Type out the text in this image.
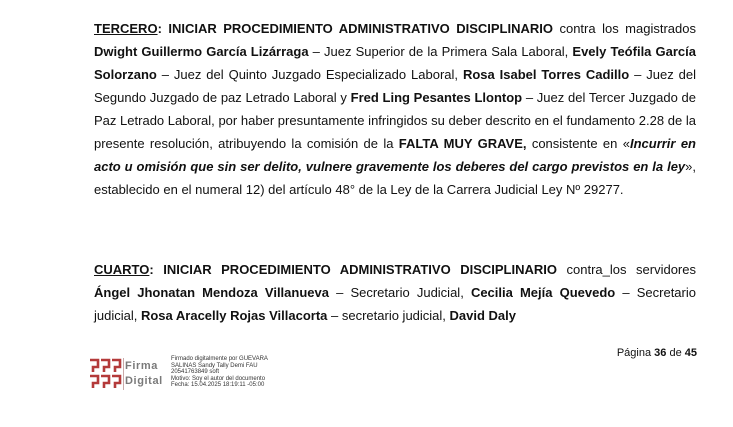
TERCERO: INICIAR PROCEDIMIENTO ADMINISTRATIVO DISCIPLINARIO contra los magistrados Dwight Guillermo García Lizárraga – Juez Superior de la Primera Sala Laboral, Evely Teófila García Solorzano – Juez del Quinto Juzgado Especializado Laboral, Rosa Isabel Torres Cadillo – Juez del Segundo Juzgado de paz Letrado Laboral y Fred Ling Pesantes Llontop – Juez del Tercer Juzgado de Paz Letrado Laboral, por haber presuntamente infringidos su deber descrito en el fundamento 2.28 de la presente resolución, atribuyendo la comisión de la FALTA MUY GRAVE, consistente en «Incurrir en acto u omisión que sin ser delito, vulnere gravemente los deberes del cargo previstos en la ley», establecido en el numeral 12) del artículo 48° de la Ley de la Carrera Judicial Ley Nº 29277.
CUARTO: INICIAR PROCEDIMIENTO ADMINISTRATIVO DISCIPLINARIO contra_los servidores Ángel Jhonatan Mendoza Villanueva – Secretario Judicial, Cecilia Mejía Quevedo – Secretario judicial, Rosa Aracelly Rojas Villacorta – secretario judicial, David Daly
Firma
Digital
Firmado digitalmente por GUEVARA
SALINAS Sandy Tally Demi FAU
20541763849 soft
Motivo: Soy el autor del documento
Fecha: 15.04.2025 18:19:11 -05:00
Página 36 de 45
